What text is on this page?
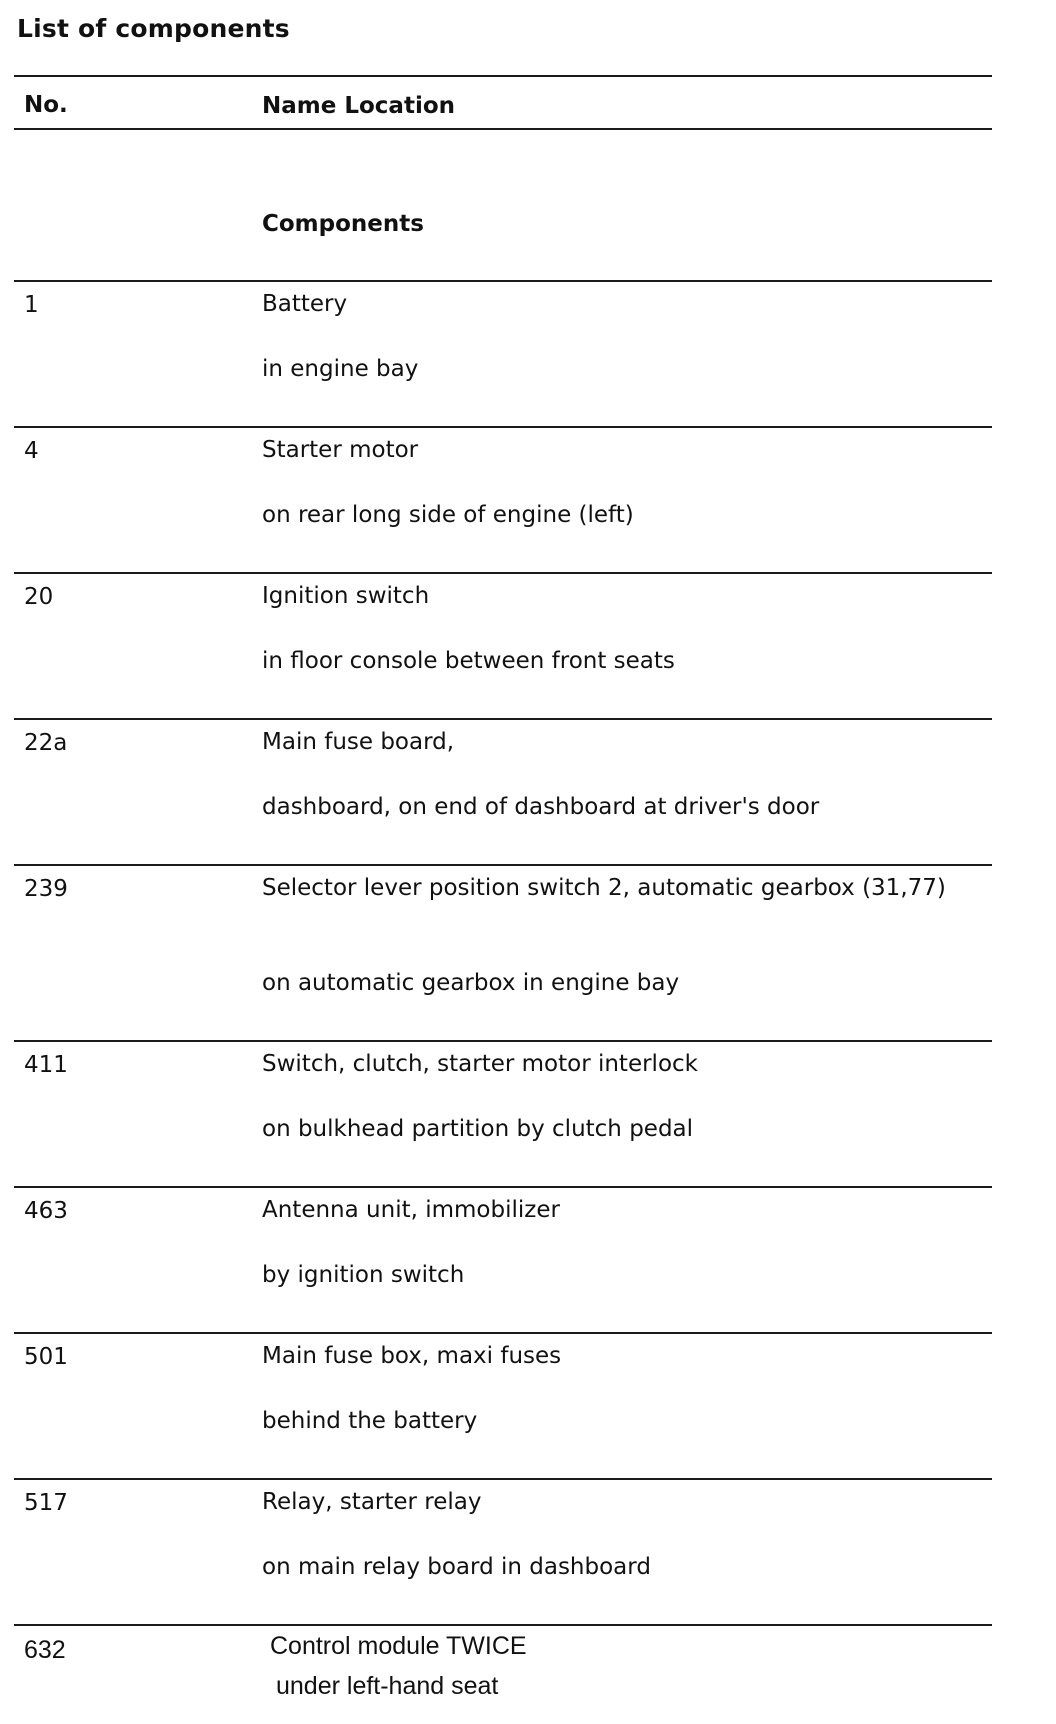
List of components
No.	Name Location
Components
1	Battery
in engine bay
4	Starter motor
on rear long side of engine (left)
20	Ignition switch
in floor console between front seats
22a	Main fuse board,
dashboard, on end of dashboard at driver's door
239	Selector lever position switch 2, automatic gearbox (31,77)
on automatic gearbox in engine bay
411	Switch, clutch, starter motor interlock
on bulkhead partition by clutch pedal
463	Antenna unit, immobilizer
by ignition switch
501	Main fuse box, maxi fuses
behind the battery
517	Relay, starter relay
on main relay board in dashboard
632	Control module TWICE
under left-hand seat
